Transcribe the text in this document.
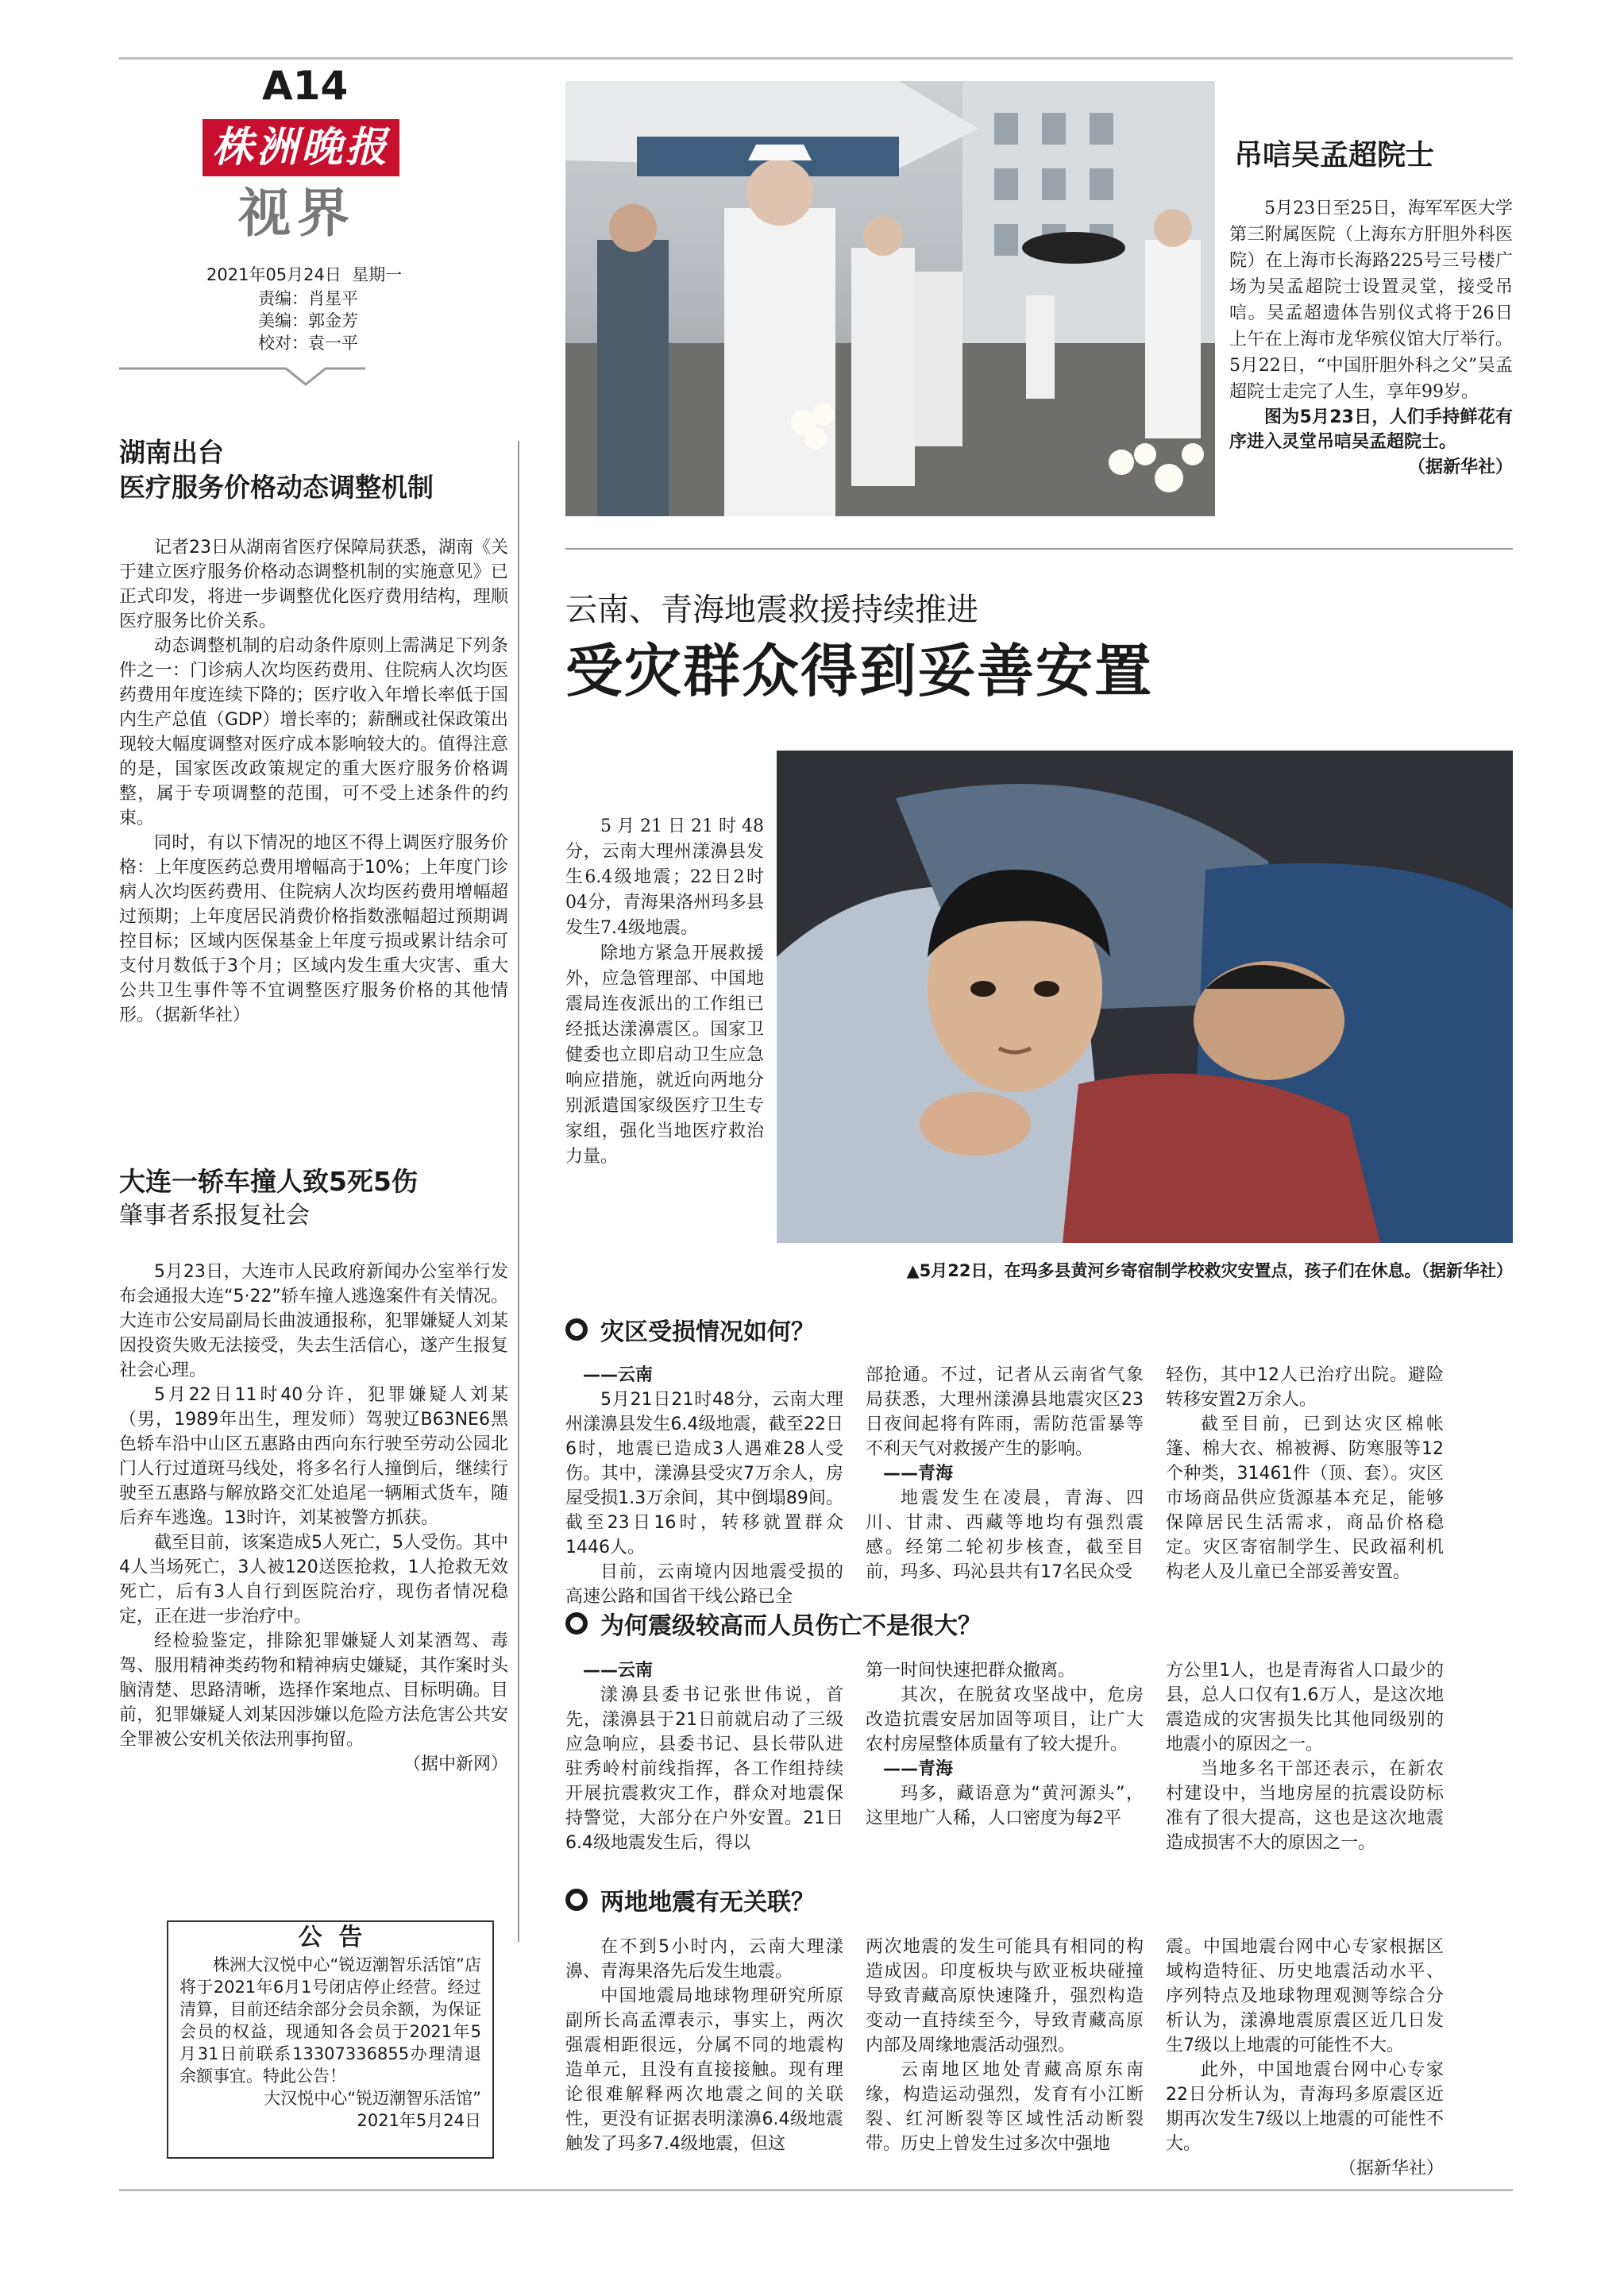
A14
株洲晚报
视界
2021年05月24日  星期一
责编：肖星平
美编：郭金芳
校对：袁一平
湖南出台
医疗服务价格动态调整机制

记者23日从湖南省医疗保障局获悉，湖南《关于建立医疗服务价格动态调整机制的实施意见》已正式印发，将进一步调整优化医疗费用结构，理顺医疗服务比价关系。

动态调整机制的启动条件原则上需满足下列条件之一：门诊病人次均医药费用、住院病人次均医药费用年度连续下降的；医疗收入年增长率低于国内生产总值（GDP）增长率的；薪酬或社保政策出现较大幅度调整对医疗成本影响较大的。值得注意的是，国家医改政策规定的重大医疗服务价格调整，属于专项调整的范围，可不受上述条件的约束。

同时，有以下情况的地区不得上调医疗服务价格：上年度医药总费用增幅高于10%；上年度门诊病人次均医药费用、住院病人次均医药费用增幅超过预期；上年度居民消费价格指数涨幅超过预期调控目标；区域内医保基金上年度亏损或累计结余可支付月数低于3个月；区域内发生重大灾害、重大公共卫生事件等不宜调整医疗服务价格的其他情形。（据新华社）

大连一轿车撞人致5死5伤
肇事者系报复社会

5月23日，大连市人民政府新闻办公室举行发布会通报大连“5·22”轿车撞人逃逸案件有关情况。大连市公安局副局长曲波通报称，犯罪嫌疑人刘某因投资失败无法接受，失去生活信心，遂产生报复社会心理。

5月22日11时40分许，犯罪嫌疑人刘某（男，1989年出生，理发师）驾驶辽B63NE6黑色轿车沿中山区五惠路由西向东行驶至劳动公园北门人行过道斑马线处，将多名行人撞倒后，继续行驶至五惠路与解放路交汇处追尾一辆厢式货车，随后弃车逃逸。13时许，刘某被警方抓获。

截至目前，该案造成5人死亡，5人受伤。其中4人当场死亡，3人被120送医抢救，1人抢救无效死亡，后有3人自行到医院治疗，现伤者情况稳定，正在进一步治疗中。

经检验鉴定，排除犯罪嫌疑人刘某酒驾、毒驾、服用精神类药物和精神病史嫌疑，其作案时头脑清楚、思路清晰，选择作案地点、目标明确。目前，犯罪嫌疑人刘某因涉嫌以危险方法危害公共安全罪被公安机关依法刑事拘留。

（据中新网）
公  告
株洲大汉悦中心“锐迈潮智乐活馆”店将于2021年6月1号闭店停止经营。经过清算，目前还结余部分会员余额，为保证会员的权益，现通知各会员于2021年5月31日前联系13307336855办理清退余额事宜。特此公告！
大汉悦中心“锐迈潮智乐活馆”
2021年5月24日
吊唁吴孟超院士

5月23日至25日，海军军医大学第三附属医院（上海东方肝胆外科医院）在上海市长海路225号三号楼广场为吴孟超院士设置灵堂，接受吊唁。吴孟超遗体告别仪式将于26日上午在上海市龙华殡仪馆大厅举行。5月22日，“中国肝胆外科之父”吴孟超院士走完了人生，享年99岁。

图为5月23日，人们手持鲜花有序进入灵堂吊唁吴孟超院士。

（据新华社）
云南、青海地震救援持续推进
受灾群众得到妥善安置

5月21日21时48分，云南大理州漾濞县发生6.4级地震；22日2时04分，青海果洛州玛多县发生7.4级地震。

除地方紧急开展救援外，应急管理部、中国地震局连夜派出的工作组已经抵达漾濞震区。国家卫健委也立即启动卫生应急响应措施，就近向两地分别派遣国家级医疗卫生专家组，强化当地医疗救治力量。

▲5月22日，在玛多县黄河乡寄宿制学校救灾安置点，孩子们在休息。（据新华社）
灾区受损情况如何？

——云南

5月21日21时48分，云南大理州漾濞县发生6.4级地震，截至22日6时，地震已造成3人遇难28人受伤。其中，漾濞县受灾7万余人，房屋受损1.3万余间，其中倒塌89间。截至23日16时，转移就置群众1446人。

目前，云南境内因地震受损的高速公路和国省干线公路已全

部抢通。不过，记者从云南省气象局获悉，大理州漾濞县地震灾区23日夜间起将有阵雨，需防范雷暴等不利天气对救援产生的影响。

——青海

地震发生在凌晨，青海、四川、甘肃、西藏等地均有强烈震感。经第二轮初步核查，截至目前，玛多、玛沁县共有17名民众受

轻伤，其中12人已治疗出院。避险转移安置2万余人。

截至目前，已到达灾区棉帐篷、棉大衣、棉被褥、防寒服等12个种类，31461件（顶、套）。灾区市场商品供应货源基本充足，能够保障居民生活需求，商品价格稳定。灾区寄宿制学生、民政福利机构老人及儿童已全部妥善安置。

为何震级较高而人员伤亡不是很大？

——云南

漾濞县委书记张世伟说，首先，漾濞县于21日前就启动了三级应急响应，县委书记、县长带队进驻秀岭村前线指挥，各工作组持续开展抗震救灾工作，群众对地震保持警觉，大部分在户外安置。21日6.4级地震发生后，得以

第一时间快速把群众撤离。

其次，在脱贫攻坚战中，危房改造抗震安居加固等项目，让广大农村房屋整体质量有了较大提升。

——青海

玛多，藏语意为“黄河源头”，这里地广人稀，人口密度为每2平

方公里1人，也是青海省人口最少的县，总人口仅有1.6万人，是这次地震造成的灾害损失比其他同级别的地震小的原因之一。

当地多名干部还表示，在新农村建设中，当地房屋的抗震设防标准有了很大提高，这也是这次地震造成损害不大的原因之一。

两地地震有无关联？

在不到5小时内，云南大理漾濞、青海果洛先后发生地震。

中国地震局地球物理研究所原副所长高孟潭表示，事实上，两次强震相距很远，分属不同的地震构造单元，且没有直接接触。现有理论很难解释两次地震之间的关联性，更没有证据表明漾濞6.4级地震触发了玛多7.4级地震，但这

两次地震的发生可能具有相同的构造成因。印度板块与欧亚板块碰撞导致青藏高原快速隆升，强烈构造变动一直持续至今，导致青藏高原内部及周缘地震活动强烈。

云南地区地处青藏高原东南缘，构造运动强烈，发育有小江断裂、红河断裂等区域性活动断裂带。历史上曾发生过多次中强地

震。中国地震台网中心专家根据区域构造特征、历史地震活动水平、序列特点及地球物理观测等综合分析认为，漾濞地震原震区近几日发生7级以上地震的可能性不大。

此外，中国地震台网中心专家22日分析认为，青海玛多原震区近期再次发生7级以上地震的可能性不大。

（据新华社）
